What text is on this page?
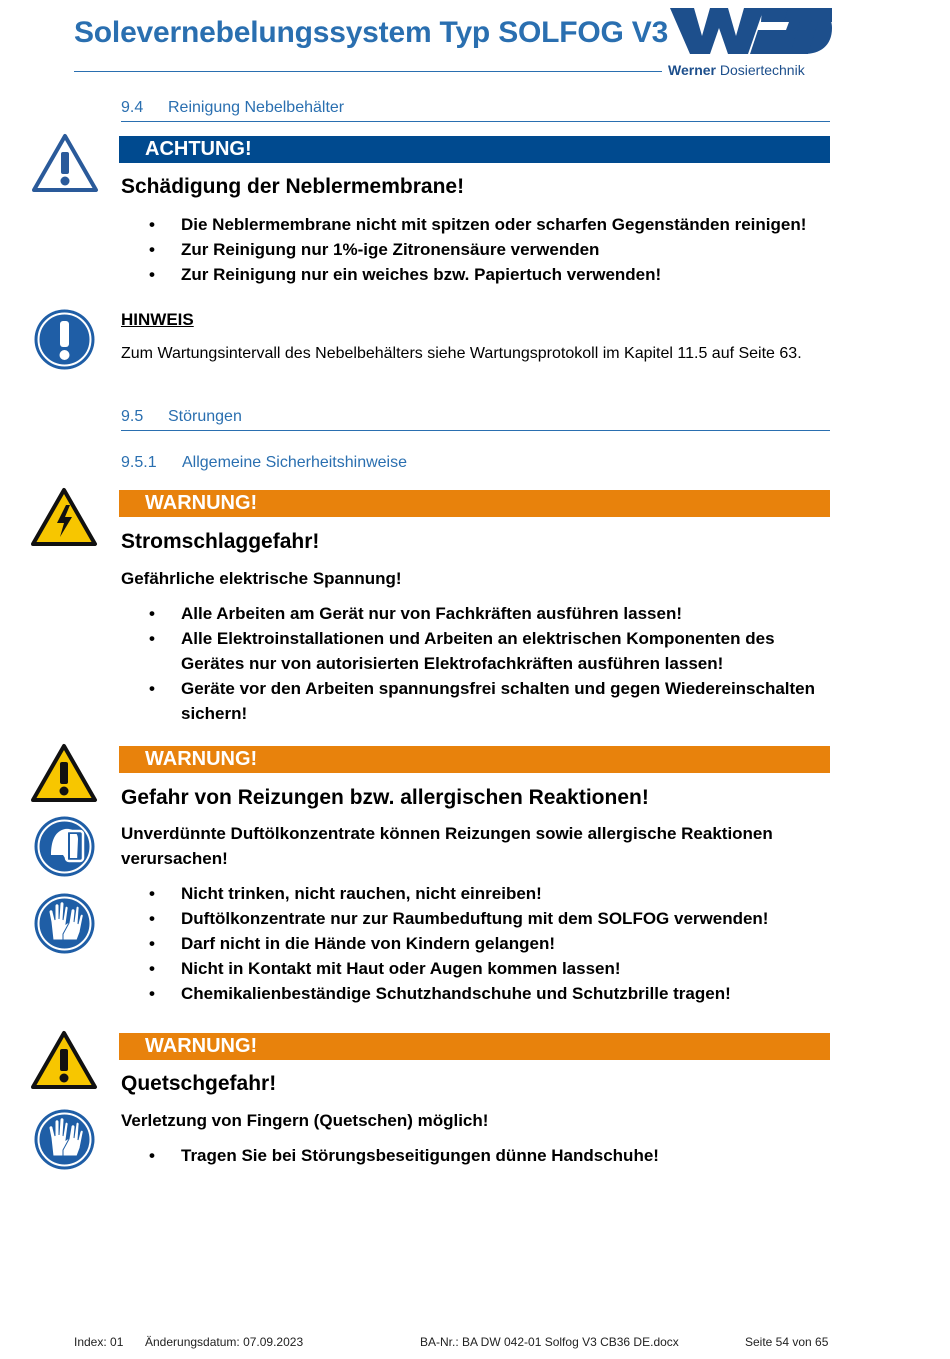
Solevernebelungssystem Typ SOLFOG V3
Werner Dosiertechnik
9.4 Reinigung Nebelbehälter
ACHTUNG!
Schädigung der Neblermembrane!
• Die Neblermembrane nicht mit spitzen oder scharfen Gegenständen reinigen!
• Zur Reinigung nur 1%-ige Zitronensäure verwenden
• Zur Reinigung nur ein weiches bzw. Papiertuch verwenden!
HINWEIS
Zum Wartungsintervall des Nebelbehälters siehe Wartungsprotokoll im Kapitel 11.5 auf Seite 63.
9.5 Störungen
9.5.1 Allgemeine Sicherheitshinweise
WARNUNG!
Stromschlaggefahr!
Gefährliche elektrische Spannung!
• Alle Arbeiten am Gerät nur von Fachkräften ausführen lassen!
• Alle Elektroinstallationen und Arbeiten an elektrischen Komponenten des Gerätes nur von autorisierten Elektrofachkräften ausführen lassen!
• Geräte vor den Arbeiten spannungsfrei schalten und gegen Wiedereinschalten sichern!
WARNUNG!
Gefahr von Reizungen bzw. allergischen Reaktionen!
Unverdünnte Duftölkonzentrate können Reizungen sowie allergische Reaktionen verursachen!
• Nicht trinken, nicht rauchen, nicht einreiben!
• Duftölkonzentrate nur zur Raumbeduftung mit dem SOLFOG verwenden!
• Darf nicht in die Hände von Kindern gelangen!
• Nicht in Kontakt mit Haut oder Augen kommen lassen!
• Chemikalienbeständige Schutzhandschuhe und Schutzbrille tragen!
WARNUNG!
Quetschgefahr!
Verletzung von Fingern (Quetschen) möglich!
• Tragen Sie bei Störungsbeseitigungen dünne Handschuhe!
Index: 01 Änderungsdatum: 07.09.2023	BA-Nr.: BA DW 042-01 Solfog V3 CB36 DE.docx	Seite 54 von 65
